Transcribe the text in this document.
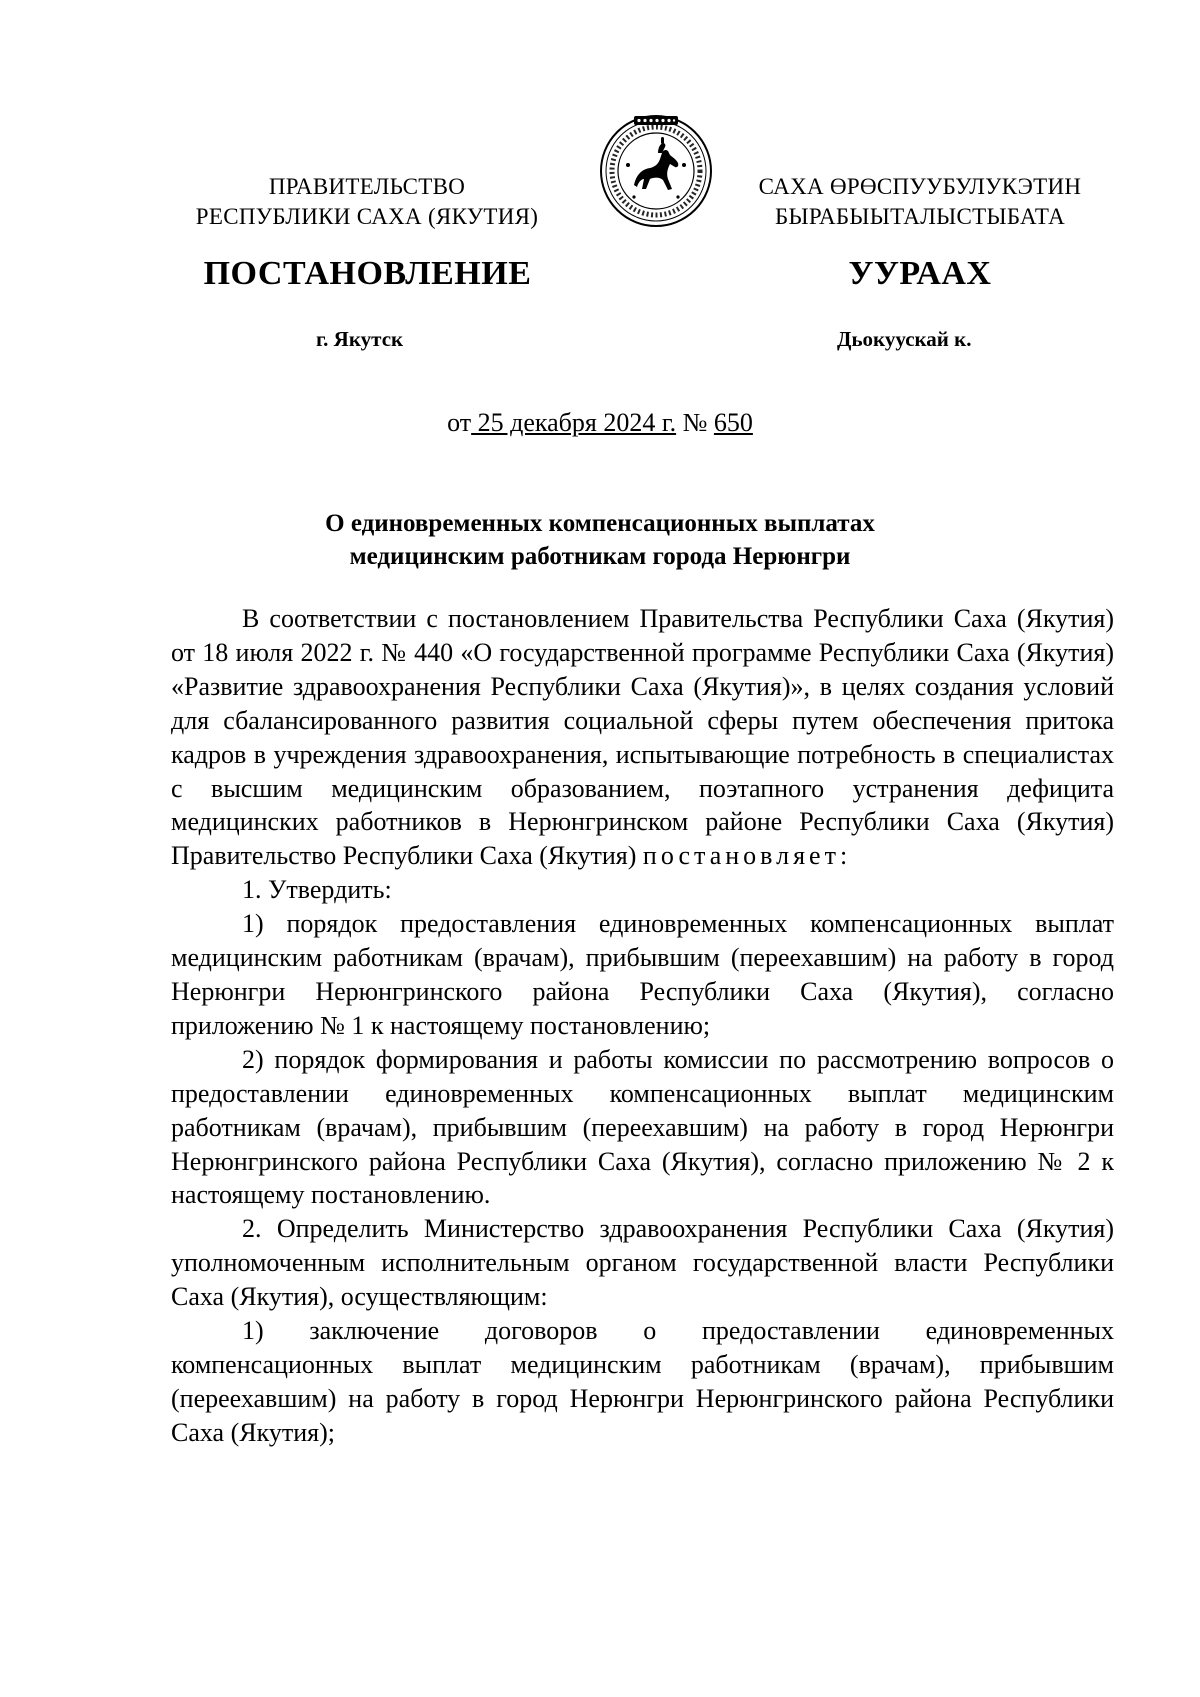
ПРАВИТЕЛЬСТВО
РЕСПУБЛИКИ САХА (ЯКУТИЯ)
САХА ӨРӨСПУУБУЛУКЭТИН
БЫРАБЫЫТАЛЫСТЫБАТА
ПОСТАНОВЛЕНИЕ	УУРААХ
г. Якутск	Дьокуускай к.
от 25 декабря 2024 г. № 650
О единовременных компенсационных выплатах
медицинским работникам города Нерюнгри

В соответствии с постановлением Правительства Республики Саха (Якутия) от 18 июля 2022 г. № 440 «О государственной программе Республики Саха (Якутия) «Развитие здравоохранения Республики Саха (Якутия)», в целях создания условий для сбалансированного развития социальной сферы путем обеспечения притока кадров в учреждения здравоохранения, испытывающие потребность в специалистах с высшим медицинским образованием, поэтапного устранения дефицита медицинских работников в Нерюнгринском районе Республики Саха (Якутия) Правительство Республики Саха (Якутия) постановляет:

1. Утвердить:

1) порядок предоставления единовременных компенсационных выплат медицинским работникам (врачам), прибывшим (переехавшим) на работу в город Нерюнгри Нерюнгринского района Республики Саха (Якутия), согласно приложению № 1 к настоящему постановлению;

2) порядок формирования и работы комиссии по рассмотрению вопросов о предоставлении единовременных компенсационных выплат медицинским работникам (врачам), прибывшим (переехавшим) на работу в город Нерюнгри Нерюнгринского района Республики Саха (Якутия), согласно приложению № 2 к настоящему постановлению.

2. Определить Министерство здравоохранения Республики Саха (Якутия) уполномоченным исполнительным органом государственной власти Республики Саха (Якутия), осуществляющим:

1) заключение договоров о предоставлении единовременных компенсационных выплат медицинским работникам (врачам), прибывшим (переехавшим) на работу в город Нерюнгри Нерюнгринского района Республики Саха (Якутия);
